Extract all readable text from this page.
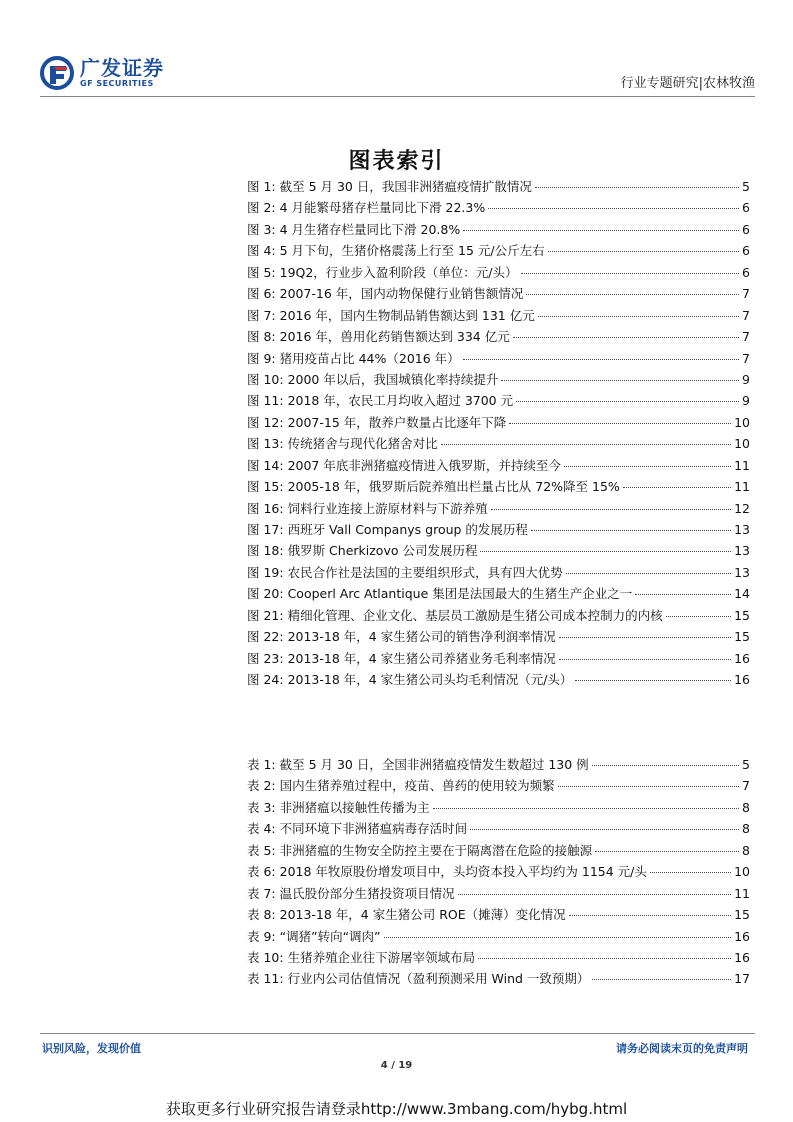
广发证券
GF SECURITIES	行业专题研究|农林牧渔
图表索引
图 1: 截至 5 月 30 日，我国非洲猪瘟疫情扩散情况	5
图 2: 4 月能繁母猪存栏量同比下滑 22.3%	6
图 3: 4 月生猪存栏量同比下滑 20.8%	6
图 4: 5 月下旬，生猪价格震荡上行至 15 元/公斤左右	6
图 5: 19Q2，行业步入盈利阶段（单位：元/头）	6
图 6: 2007-16 年，国内动物保健行业销售额情况	7
图 7: 2016 年，国内生物制品销售额达到 131 亿元	7
图 8: 2016 年，兽用化药销售额达到 334 亿元	7
图 9: 猪用疫苗占比 44%（2016 年）	7
图 10: 2000 年以后，我国城镇化率持续提升	9
图 11: 2018 年，农民工月均收入超过 3700 元	9
图 12: 2007-15 年，散养户数量占比逐年下降	10
图 13: 传统猪舍与现代化猪舍对比	10
图 14: 2007 年底非洲猪瘟疫情进入俄罗斯，并持续至今	11
图 15: 2005-18 年，俄罗斯后院养殖出栏量占比从 72%降至 15%	11
图 16: 饲料行业连接上游原材料与下游养殖	12
图 17: 西班牙 Vall Companys group 的发展历程	13
图 18: 俄罗斯 Cherkizovo 公司发展历程	13
图 19: 农民合作社是法国的主要组织形式，具有四大优势	13
图 20: Cooperl Arc Atlantique 集团是法国最大的生猪生产企业之一	14
图 21: 精细化管理、企业文化、基层员工激励是生猪公司成本控制力的内核	15
图 22: 2013-18 年，4 家生猪公司的销售净利润率情况	15
图 23: 2013-18 年，4 家生猪公司养猪业务毛利率情况	16
图 24: 2013-18 年，4 家生猪公司头均毛利情况（元/头）	16
表 1: 截至 5 月 30 日，全国非洲猪瘟疫情发生数超过 130 例	5
表 2: 国内生猪养殖过程中，疫苗、兽药的使用较为频繁	7
表 3: 非洲猪瘟以接触性传播为主	8
表 4: 不同环境下非洲猪瘟病毒存活时间	8
表 5: 非洲猪瘟的生物安全防控主要在于隔离潜在危险的接触源	8
表 6: 2018 年牧原股份增发项目中，头均资本投入平均约为 1154 元/头	10
表 7: 温氏股份部分生猪投资项目情况	11
表 8: 2013-18 年，4 家生猪公司 ROE（摊薄）变化情况	15
表 9: “调猪”转向“调肉”	16
表 10: 生猪养殖企业往下游屠宰领域布局	16
表 11: 行业内公司估值情况（盈利预测采用 Wind 一致预期）	17
识别风险，发现价值	请务必阅读末页的免责声明
4 / 19
获取更多行业研究报告请登录http://www.3mbang.com/hybg.html
